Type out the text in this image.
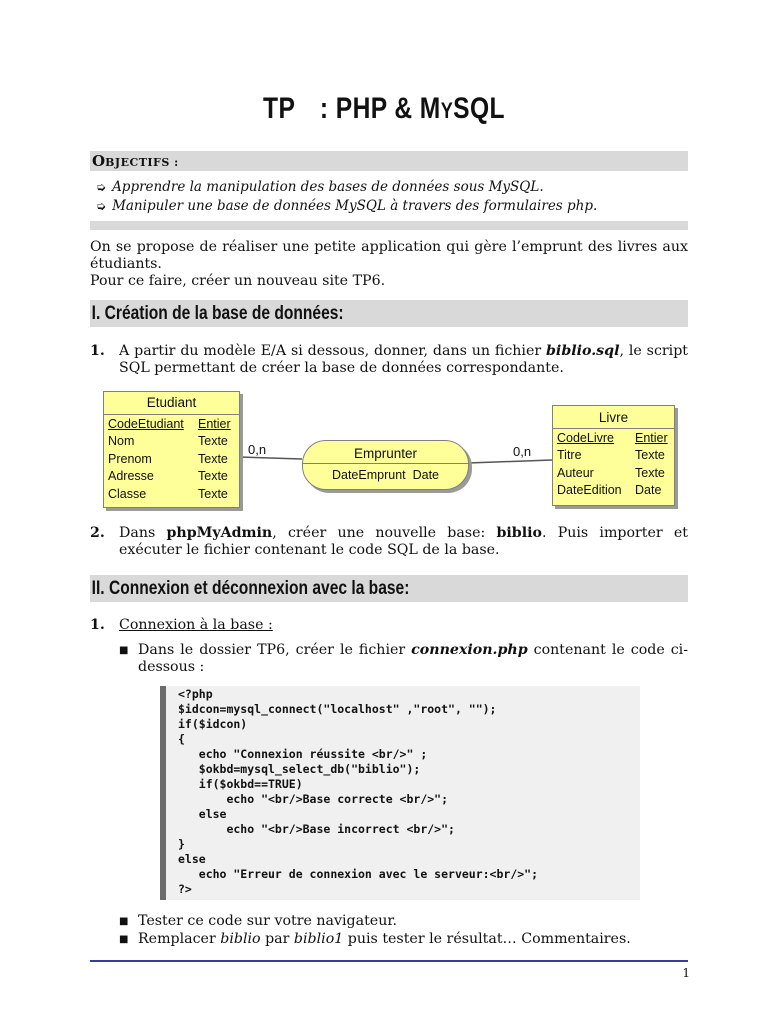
TP : PHP & MYSQL
OBJECTIFS :
➭ Apprendre la manipulation des bases de données sous MySQL.
➭ Manipuler une base de données MySQL à travers des formulaires php.
On se propose de réaliser une petite application qui gère l’emprunt des livres aux étudiants.
Pour ce faire, créer un nouveau site TP6.
I. Création de la base de données:
1. A partir du modèle E/A si dessous, donner, dans un fichier biblio.sql, le script SQL permettant de créer la base de données correspondante.
Etudiant
CodeEtudiant	Entier
Nom	Texte
Prenom	Texte
Adresse	Texte
Classe	Texte
0,n	0,n
Emprunter
DateEmprunt Date
Livre
CodeLivre	Entier
Titre	Texte
Auteur	Texte
DateEdition	Date
2. Dans phpMyAdmin, créer une nouvelle base: biblio. Puis importer et exécuter le fichier contenant le code SQL de la base.
II. Connexion et déconnexion avec la base:
1. Connexion à la base :
■ Dans le dossier TP6, créer le fichier connexion.php contenant le code ci-dessous :
<?php
$idcon=mysql_connect("localhost" ,"root", "");
if($idcon)
{
echo "Connexion réussite <br/>" ;
$okbd=mysql_select_db("biblio");
if($okbd==TRUE)
echo "<br/>Base correcte <br/>";
else
echo "<br/>Base incorrect <br/>";
}
else
echo "Erreur de connexion avec le serveur:<br/>";
?>
■ Tester ce code sur votre navigateur.
■ Remplacer biblio par biblio1 puis tester le résultat… Commentaires.
1
